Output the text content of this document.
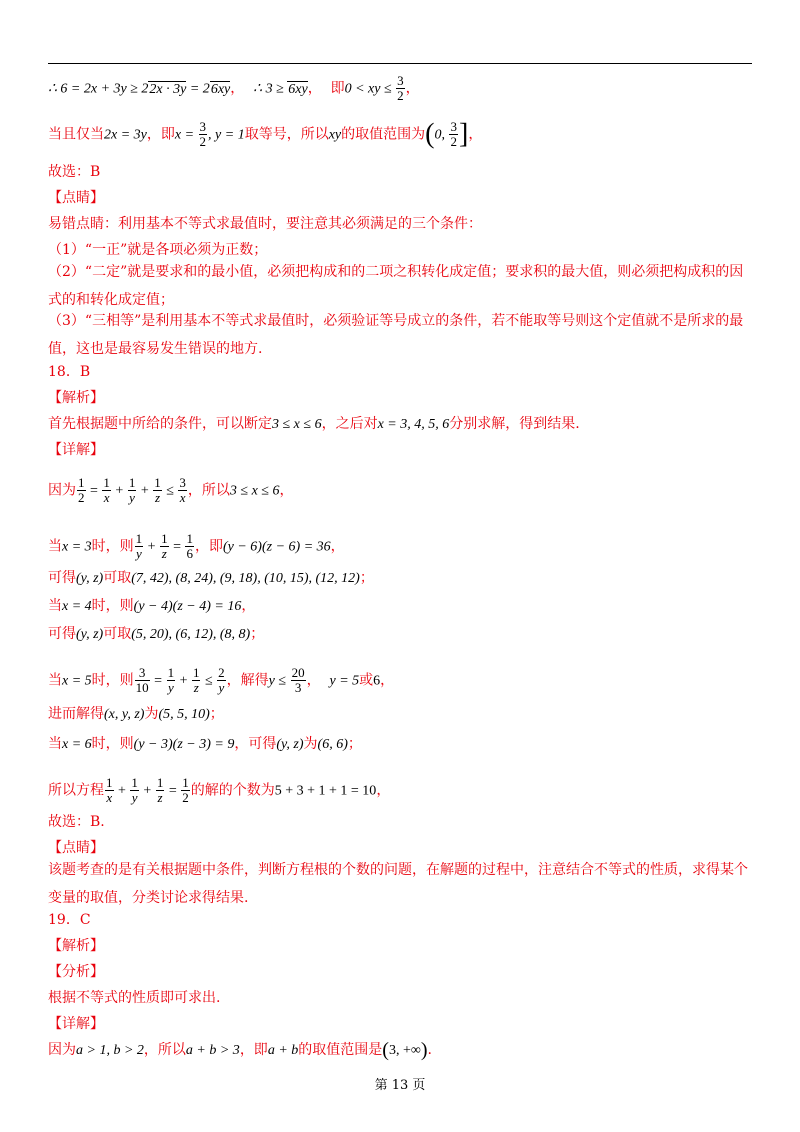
∴ 6 = 2x + 3y ≥ 22x · 3y = 26xy， ∴ 3 ≥ 6xy， 即0 < xy ≤ $\frac{3}{2}$ ，
当且仅当2x = 3y，即$x = \frac{3}{2}$ , y = 1取等号，所以xy的取值范围为(0, $\frac{3}{2}$ ]，
故选：B
【点睛】
易错点睛：利用基本不等式求最值时，要注意其必须满足的三个条件：
（1）“一正”就是各项必须为正数；
（2）“二定”就是要求和的最小值，必须把构成和的二项之积转化成定值；要求积的最大值，则必须把构成积的因式的和转化成定值；
（3）“三相等”是利用基本不等式求最值时，必须验证等号成立的条件，若不能取等号则这个定值就不是所求的最值，这也是最容易发生错误的地方.
18．B
【解析】
首先根据题中所给的条件，可以断定3 ≤ x ≤ 6，之后对x = 3, 4, 5, 6分别求解，得到结果.
【详解】
因为 $\frac{1}{2} = \frac{1}{x} + \frac{1}{y} + \frac{1}{z} \le \frac{3}{x}$ ，所以3 ≤ x ≤ 6，
当x = 3时，则 $\frac{1}{y} + \frac{1}{z} = \frac{1}{6}$ ，即(y − 6)(z − 6) = 36，
可得(y, z)可取(7, 42), (8, 24), (9, 18), (10, 15), (12, 12)；
当x = 4时，则(y − 4)(z − 4) = 16，
可得(y, z)可取(5, 20), (6, 12), (8, 8)；
当x = 5时，则 $\frac{3}{10} = \frac{1}{y} + \frac{1}{z} \le \frac{2}{y}$ ，解得$y \le \frac{20}{3}$ ， y = 5或6，
进而解得(x, y, z)为(5, 5, 10)；
当x = 6时，则(y − 3)(z − 3) = 9，可得(y, z)为(6, 6)；
所以方程 $\frac{1}{x} + \frac{1}{y} + \frac{1}{z} = \frac{1}{2}$ 的解的个数为5 + 3 + 1 + 1 = 10，
故选：B.
【点睛】
该题考查的是有关根据题中条件，判断方程根的个数的问题，在解题的过程中，注意结合不等式的性质，求得某个变量的取值，分类讨论求得结果.
19．C
【解析】
【分析】
根据不等式的性质即可求出.
【详解】
因为a > 1, b > 2，所以a + b > 3，即a + b的取值范围是(3, +∞).
第 13 页
